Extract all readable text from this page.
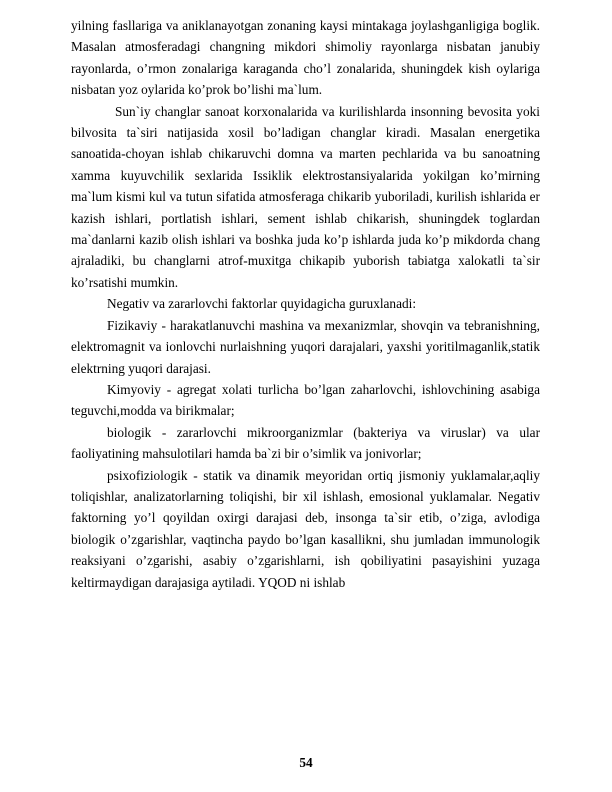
yilning fasllariga va aniklanayotgan zonaning kaysi mintakaga joylashganligiga boglik. Masalan atmosferadagi changning mikdori shimoliy rayonlarga nisbatan janubiy rayonlarda, o’rmon zonalariga karaganda cho’l zonalarida, shuningdek kish oylariga nisbatan yoz oylarida ko’prok bo’lishi ma`lum.

Sun`iy changlar sanoat korxonalarida va kurilishlarda insonning bevosita yoki bilvosita ta`siri natijasida xosil bo’ladigan changlar kiradi. Masalan energetika sanoatida-choyan ishlab chikaruvchi domna va marten pechlarida va bu sanoatning xamma kuyuvchilik sexlarida Issiklik elektrostansiyalarida yokilgan ko’mirning ma`lum kismi kul va tutun sifatida atmosferaga chikarib yuboriladi, kurilish ishlarida er kazish ishlari, portlatish ishlari, sement ishlab chikarish, shuningdek toglardan ma`danlarni kazib olish ishlari va boshka juda ko’p ishlarda juda ko’p mikdorda chang ajraladiki, bu changlarni atrof-muxitga chikapib yuborish tabiatga xalokatli ta`sir ko’rsatishi mumkin.

Negativ va zararlovchi faktorlar quyidagicha guruxlanadi:

Fizikaviy - harakatlanuvchi mashina va mexanizmlar, shovqin va tebranishning, elektromagnit va ionlovchi nurlaishning yuqori darajalari, yaxshi yoritilmaganlik,statik elektrning yuqori darajasi.

Kimyoviy - agregat xolati turlicha bo’lgan zaharlovchi, ishlovchining asabiga teguvchi,modda va birikmalar;

biologik - zararlovchi mikroorganizmlar (bakteriya va viruslar) va ular faoliyatining mahsulotilari hamda ba`zi bir o’simlik va jonivorlar;

psixofiziologik - statik va dinamik meyoridan ortiq jismoniy yuklamalar,aqliy toliqishlar, analizatorlarning toliqishi, bir xil ishlash, emosional yuklamalar. Negativ faktorning yo’l qoyildan oxirgi darajasi deb, insonga ta`sir etib, o’ziga, avlodiga biologik o’zgarishlar, vaqtincha paydo bo’lgan kasallikni, shu jumladan immunologik reaksiyani o’zgarishi, asabiy o’zgarishlarni, ish qobiliyatini pasayishini yuzaga keltirmaydigan darajasiga aytiladi. YQOD ni ishlab

54
